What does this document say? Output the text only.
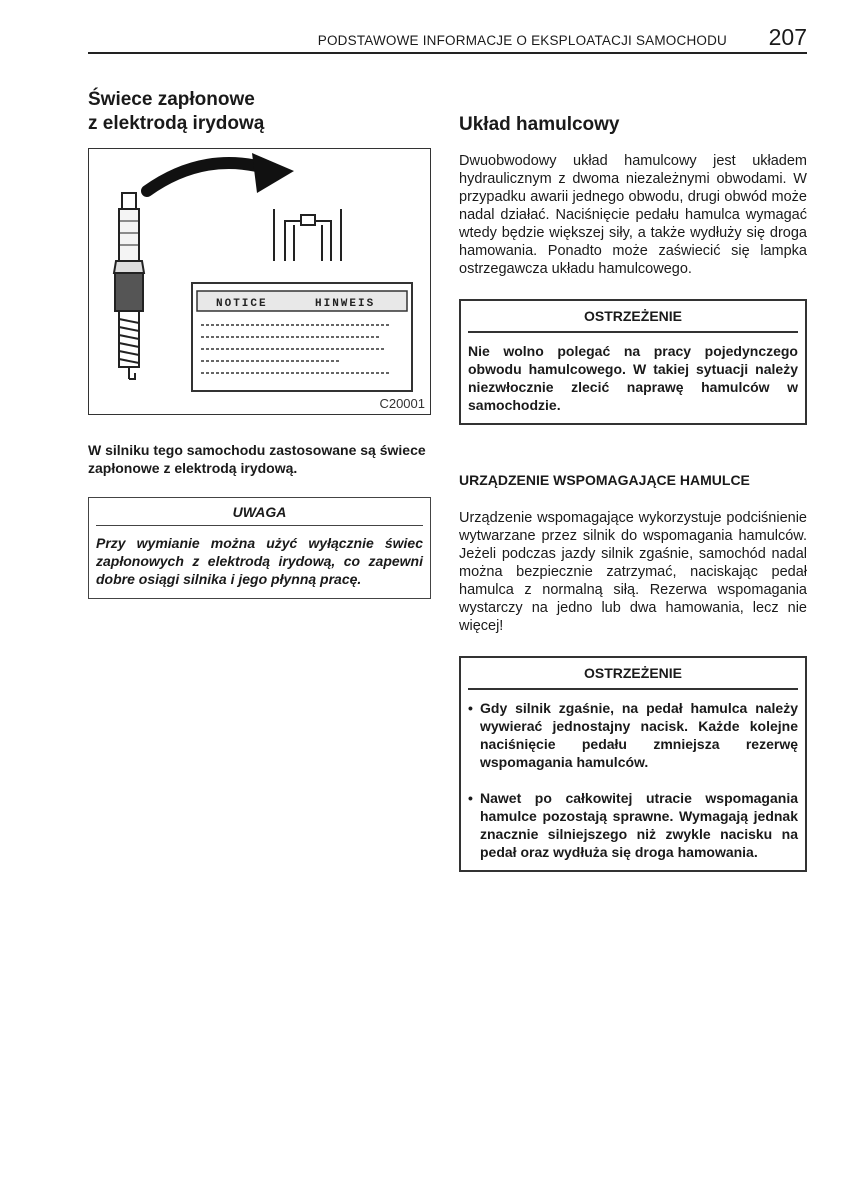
PODSTAWOWE INFORMACJE O EKSPLOATACJI SAMOCHODU 207
Świece zapłonowe
z elektrodą irydową
NOTICE	HINWEIS
C20001

W silniku tego samochodu zastosowane są świece zapłonowe z elektrodą irydową.

UWAGA
Przy wymianie można użyć wyłącznie świec zapłonowych z elektrodą irydową, co zapewni dobre osiągi silnika i jego płynną pracę.
Układ hamulcowy

Dwuobwodowy układ hamulcowy jest układem hydraulicznym z dwoma niezależnymi obwodami. W przypadku awarii jednego obwodu, drugi obwód może nadal działać. Naciśnięcie pedału hamulca wymagać wtedy będzie większej siły, a także wydłuży się droga hamowania. Ponadto może zaświecić się lampka ostrzegawcza układu hamulcowego.

OSTRZEŻENIE
Nie wolno polegać na pracy pojedynczego obwodu hamulcowego. W takiej sytuacji należy niezwłocznie zlecić naprawę hamulców w samochodzie.
URZĄDZENIE WSPOMAGAJĄCE HAMULCE

Urządzenie wspomagające wykorzystuje podciśnienie wytwarzane przez silnik do wspomagania hamulców. Jeżeli podczas jazdy silnik zgaśnie, samochód nadal można bezpiecznie zatrzymać, naciskając pedał hamulca z normalną siłą. Rezerwa wspomagania wystarczy na jedno lub dwa hamowania, lecz nie więcej!

OSTRZEŻENIE
• Gdy silnik zgaśnie, na pedał hamulca należy wywierać jednostajny nacisk. Każde kolejne naciśnięcie pedału zmniejsza rezerwę wspomagania hamulców.
• Nawet po całkowitej utracie wspomagania hamulce pozostają sprawne. Wymagają jednak znacznie silniejszego niż zwykle nacisku na pedał oraz wydłuża się droga hamowania.
